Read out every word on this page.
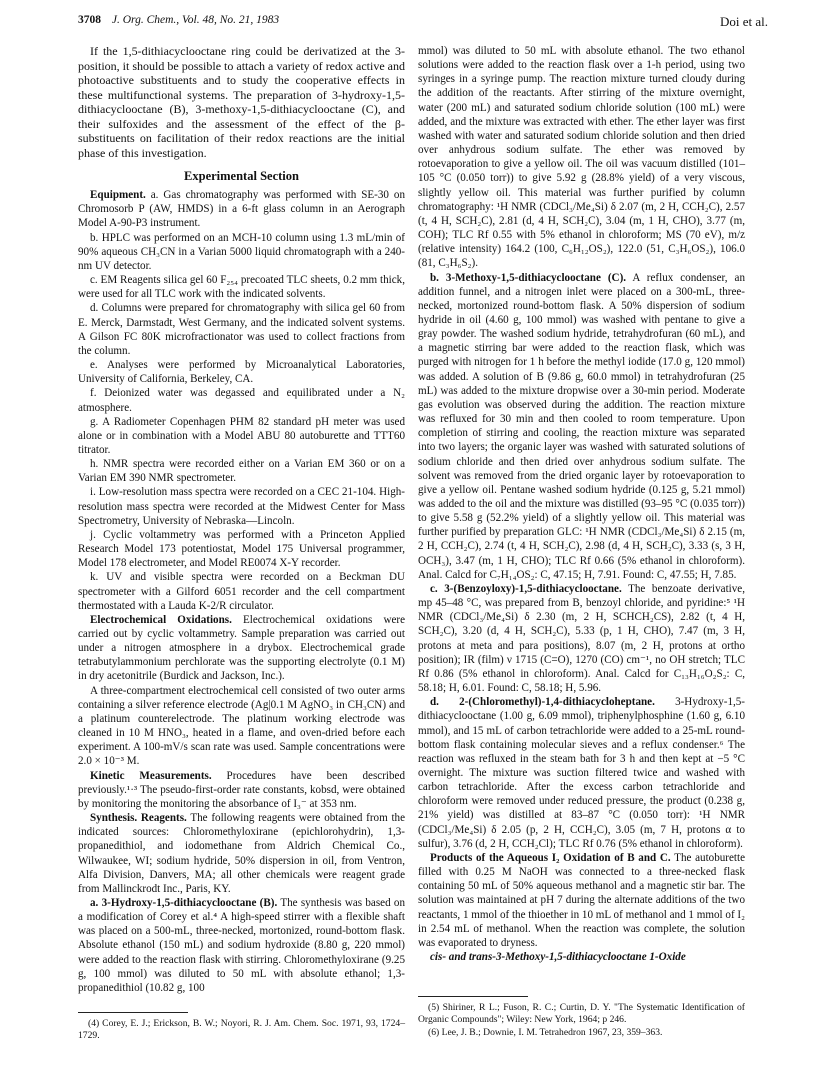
3708 J. Org. Chem., Vol. 48, No. 21, 1983	Doi et al.

If the 1,5-dithiacyclooctane ring could be derivatized at the 3-position, it should be possible to attach a variety of redox active and photoactive substituents and to study the cooperative effects in these multifunctional systems. The preparation of 3-hydroxy-1,5-dithiacyclooctane (B), 3-methoxy-1,5-dithiacyclooctane (C), and their sulfoxides and the assessment of the effect of the β-substituents on facilitation of their redox reactions are the initial phase of this investigation.

Experimental Section

Equipment. a. Gas chromatography was performed with SE-30 on Chromosorb P (AW, HMDS) in a 6-ft glass column in an Aerograph Model A-90-P3 instrument.

b. HPLC was performed on an MCH-10 column using 1.3 mL/min of 90% aqueous CH₃CN in a Varian 5000 liquid chromatograph with a 240-nm UV detector.

c. EM Reagents silica gel 60 F₂₅₄ precoated TLC sheets, 0.2 mm thick, were used for all TLC work with the indicated solvents.

d. Columns were prepared for chromatography with silica gel 60 from E. Merck, Darmstadt, West Germany, and the indicated solvent systems. A Gilson FC 80K microfractionator was used to collect fractions from the column.

e. Analyses were performed by Microanalytical Laboratories, University of California, Berkeley, CA.

f. Deionized water was degassed and equilibrated under a N₂ atmosphere.

g. A Radiometer Copenhagen PHM 82 standard pH meter was used alone or in combination with a Model ABU 80 autoburette and TTT60 titrator.

h. NMR spectra were recorded either on a Varian EM 360 or on a Varian EM 390 NMR spectrometer.

i. Low-resolution mass spectra were recorded on a CEC 21-104. High-resolution mass spectra were recorded at the Midwest Center for Mass Spectrometry, University of Nebraska—Lincoln.

j. Cyclic voltammetry was performed with a Princeton Applied Research Model 173 potentiostat, Model 175 Universal programmer, Model 178 electrometer, and Model RE0074 X-Y recorder.

k. UV and visible spectra were recorded on a Beckman DU spectrometer with a Gilford 6051 recorder and the cell compartment thermostated with a Lauda K-2/R circulator.

Electrochemical Oxidations. Electrochemical oxidations were carried out by cyclic voltammetry. Sample preparation was carried out under a nitrogen atmosphere in a drybox. Electrochemical grade tetrabutylammonium perchlorate was the supporting electrolyte (0.1 M) in dry acetonitrile (Burdick and Jackson, Inc.).

A three-compartment electrochemical cell consisted of two outer arms containing a silver reference electrode (Ag|0.1 M AgNO₃ in CH₃CN) and a platinum counterelectrode. The platinum working electrode was cleaned in 10 M HNO₃, heated in a flame, and oven-dried before each experiment. A 100-mV/s scan rate was used. Sample concentrations were 2.0 × 10⁻³ M.

Kinetic Measurements. Procedures have been described previously.¹·³ The pseudo-first-order rate constants, kobsd, were obtained by monitoring the monitoring the absorbance of I₃⁻ at 353 nm.

Synthesis. Reagents. The following reagents were obtained from the indicated sources: Chloromethyloxirane (epichlorohydrin), 1,3-propanedithiol, and iodomethane from Aldrich Chemical Co., Wilwaukee, WI; sodium hydride, 50% dispersion in oil, from Ventron, Alfa Division, Danvers, MA; all other chemicals were reagent grade from Mallinckrodt Inc., Paris, KY.

a. 3-Hydroxy-1,5-dithiacyclooctane (B). The synthesis was based on a modification of Corey et al.⁴ A high-speed stirrer with a flexible shaft was placed on a 500-mL, three-necked, mortonized, round-bottom flask. Absolute ethanol (150 mL) and sodium hydroxide (8.80 g, 220 mmol) were added to the reaction flask with stirring. Chloromethyloxirane (9.25 g, 100 mmol) was diluted to 50 mL with absolute ethanol; 1,3-propanedithiol (10.82 g, 100

mmol) was diluted to 50 mL with absolute ethanol. The two ethanol solutions were added to the reaction flask over a 1-h period, using two syringes in a syringe pump. The reaction mixture turned cloudy during the addition of the reactants. After stirring of the mixture overnight, water (200 mL) and saturated sodium chloride solution (100 mL) were added, and the mixture was extracted with ether. The ether layer was first washed with water and saturated sodium chloride solution and then dried over anhydrous sodium sulfate. The ether was removed by rotoevaporation to give a yellow oil. The oil was vacuum distilled (101–105 °C (0.050 torr)) to give 5.92 g (28.8% yield) of a very viscous, slightly yellow oil. This material was further purified by column chromatography: ¹H NMR (CDCl₃/Me₄Si) δ 2.07 (m, 2 H, CCH₂C), 2.57 (t, 4 H, SCH₂C), 2.81 (d, 4 H, SCH₂C), 3.04 (m, 1 H, CHO), 3.77 (m, COH); TLC Rf 0.55 with 5% ethanol in chloroform; MS (70 eV), m/z (relative intensity) 164.2 (100, C₆H₁₂OS₂), 122.0 (51, C₃H₆OS₂), 106.0 (81, C₃H₆S₂).

b. 3-Methoxy-1,5-dithiacyclooctane (C). A reflux condenser, an addition funnel, and a nitrogen inlet were placed on a 300-mL, three-necked, mortonized round-bottom flask. A 50% dispersion of sodium hydride in oil (4.60 g, 100 mmol) was washed with pentane to give a gray powder. The washed sodium hydride, tetrahydrofuran (60 mL), and a magnetic stirring bar were added to the reaction flask, which was purged with nitrogen for 1 h before the methyl iodide (17.0 g, 120 mmol) was added. A solution of B (9.86 g, 60.0 mmol) in tetrahydrofuran (25 mL) was added to the mixture dropwise over a 30-min period. Moderate gas evolution was observed during the addition. The reaction mixture was refluxed for 30 min and then cooled to room temperature. Upon completion of stirring and cooling, the reaction mixture was separated into two layers; the organic layer was washed with saturated solutions of sodium chloride and then dried over anhydrous sodium sulfate. The solvent was removed from the dried organic layer by rotoevaporation to give a yellow oil. Pentane washed sodium hydride (0.125 g, 5.21 mmol) was added to the oil and the mixture was distilled (93–95 °C (0.035 torr)) to give 5.58 g (52.2% yield) of a slightly yellow oil. This material was further purified by preparation GLC: ¹H NMR (CDCl₃/Me₄Si) δ 2.15 (m, 2 H, CCH₂C), 2.74 (t, 4 H, SCH₂C), 2.98 (d, 4 H, SCH₂C), 3.33 (s, 3 H, OCH₃), 3.47 (m, 1 H, CHO); TLC Rf 0.66 (5% ethanol in chloroform). Anal. Calcd for C₇H₁₄OS₂: C, 47.15; H, 7.91. Found: C, 47.55; H, 7.85.

c. 3-(Benzoyloxy)-1,5-dithiacyclooctane. The benzoate derivative, mp 45–48 °C, was prepared from B, benzoyl chloride, and pyridine:⁵ ¹H NMR (CDCl₃/Me₄Si) δ 2.30 (m, 2 H, SCHCH₂CS), 2.82 (t, 4 H, SCH₂C), 3.20 (d, 4 H, SCH₂C), 5.33 (p, 1 H, CHO), 7.47 (m, 3 H, protons at meta and para positions), 8.07 (m, 2 H, protons at ortho position); IR (film) ν 1715 (C=O), 1270 (CO) cm⁻¹, no OH stretch; TLC Rf 0.86 (5% ethanol in chloroform). Anal. Calcd for C₁₃H₁₆O₂S₂: C, 58.18; H, 6.01. Found: C, 58.18; H, 5.96.

d. 2-(Chloromethyl)-1,4-dithiacycloheptane. 3-Hydroxy-1,5-dithiacyclooctane (1.00 g, 6.09 mmol), triphenylphosphine (1.60 g, 6.10 mmol), and 15 mL of carbon tetrachloride were added to a 25-mL round-bottom flask containing molecular sieves and a reflux condenser.⁶ The reaction was refluxed in the steam bath for 3 h and then kept at −5 °C overnight. The mixture was suction filtered twice and washed with carbon tetrachloride. After the excess carbon tetrachloride and chloroform were removed under reduced pressure, the product (0.238 g, 21% yield) was distilled at 83–87 °C (0.050 torr): ¹H NMR (CDCl₃/Me₄Si) δ 2.05 (p, 2 H, CCH₂C), 3.05 (m, 7 H, protons α to sulfur), 3.76 (d, 2 H, CCH₂Cl); TLC Rf 0.76 (5% ethanol in chloroform).

Products of the Aqueous I₂ Oxidation of B and C. The autoburette filled with 0.25 M NaOH was connected to a three-necked flask containing 50 mL of 50% aqueous methanol and a magnetic stir bar. The solution was maintained at pH 7 during the alternate additions of the two reactants, 1 mmol of the thioether in 10 mL of methanol and 1 mmol of I₂ in 2.54 mL of methanol. When the reaction was complete, the solution was evaporated to dryness.

cis- and trans-3-Methoxy-1,5-dithiacyclooctane 1-Oxide

(4) Corey, E. J.; Erickson, B. W.; Noyori, R. J. Am. Chem. Soc. 1971, 93, 1724–1729.

(5) Shiriner, R L.; Fuson, R. C.; Curtin, D. Y. "The Systematic Identification of Organic Compounds"; Wiley: New York, 1964; p 246.

(6) Lee, J. B.; Downie, I. M. Tetrahedron 1967, 23, 359–363.
